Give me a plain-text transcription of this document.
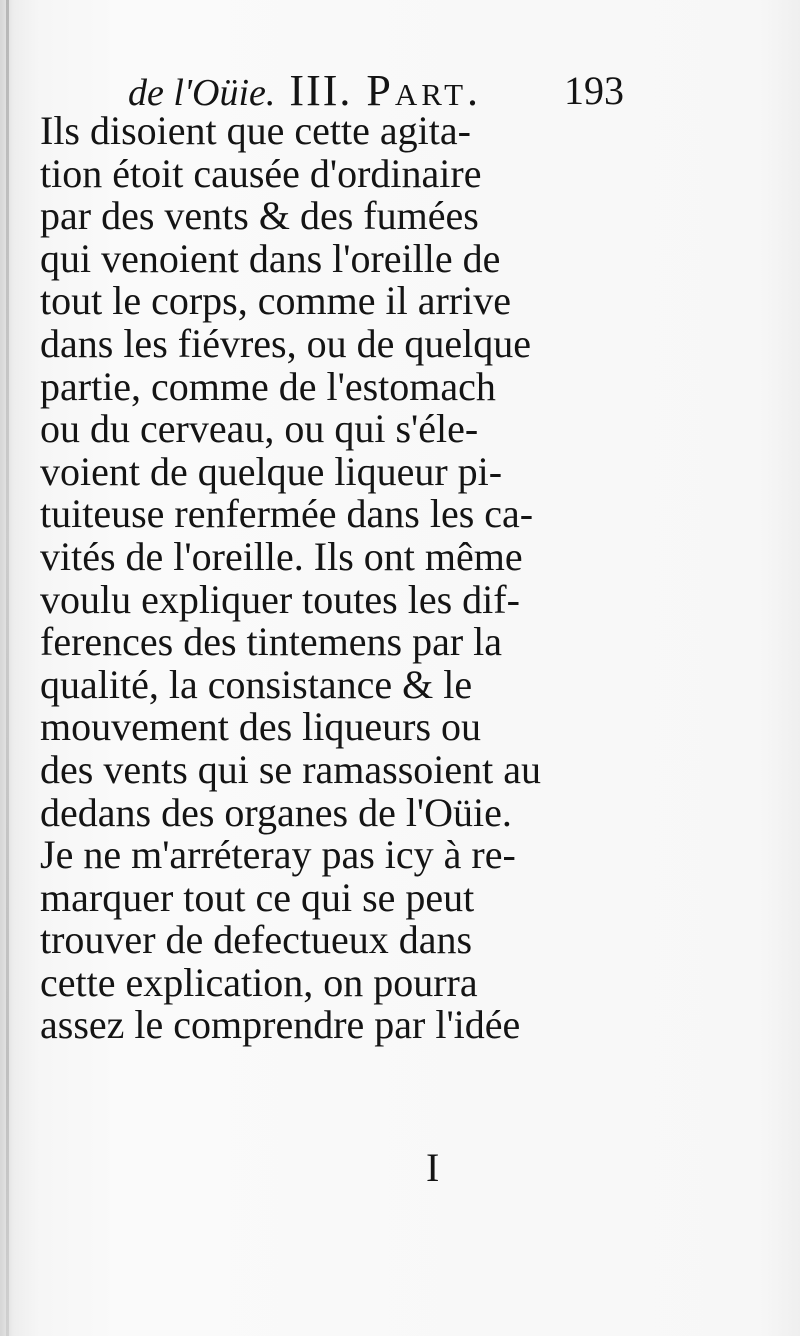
de l'Oüie. III. Part. 193
Ils disoient que cette agita-
tion étoit causée d'ordinaire
par des vents & des fumées
qui venoient dans l'oreille de
tout le corps, comme il arrive
dans les fiévres, ou de quelque
partie, comme de l'estomach
ou du cerveau, ou qui s'éle-
voient de quelque liqueur pi-
tuiteuse renfermée dans les ca-
vités de l'oreille. Ils ont même
voulu expliquer toutes les dif-
ferences des tintemens par la
qualité, la consistance & le
mouvement des liqueurs ou
des vents qui se ramassoient au
dedans des organes de l'Oüie.
Je ne m'arréteray pas icy à re-
marquer tout ce qui se peut
trouver de defectueux dans
cette explication, on pourra
assez le comprendre par l'idée
I
